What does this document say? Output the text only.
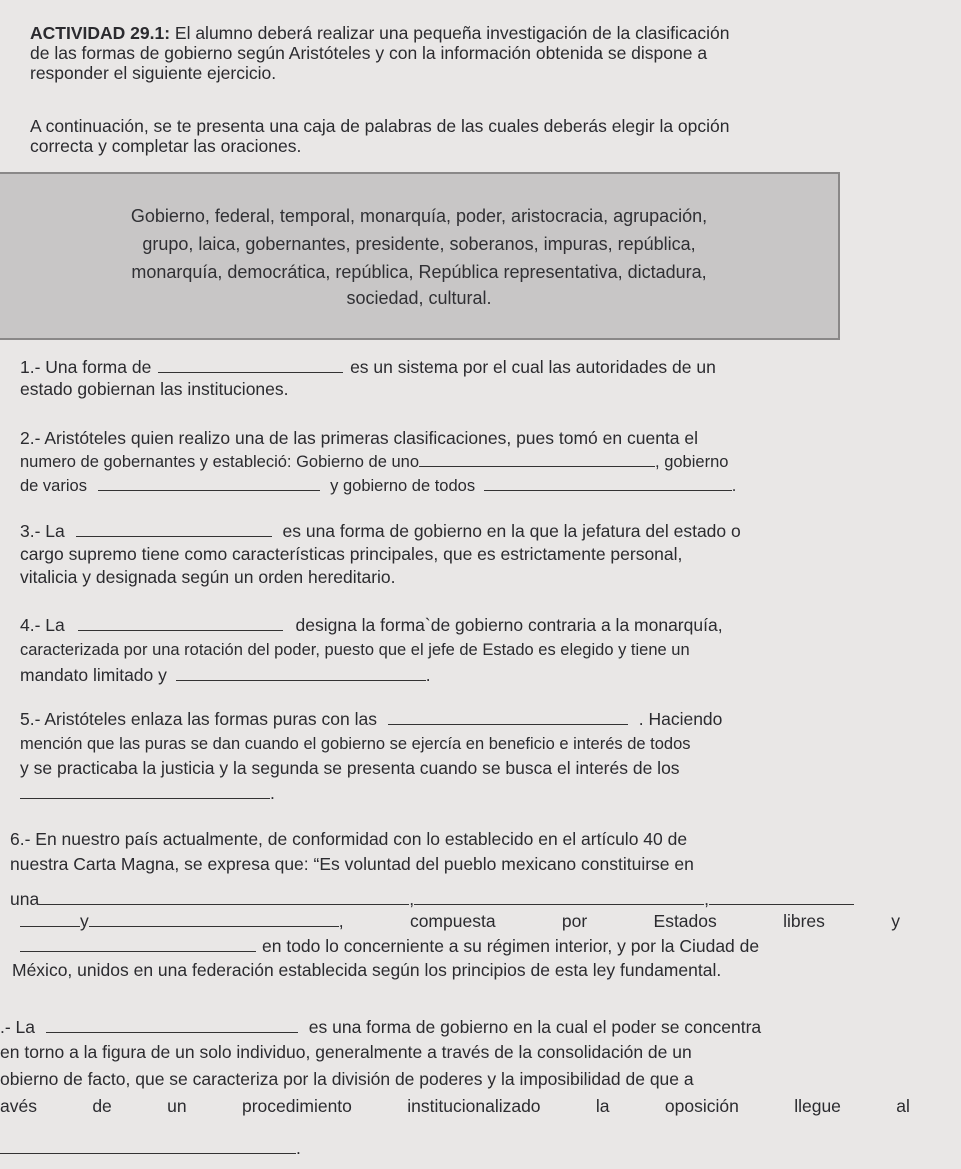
ACTIVIDAD 29.1: El alumno deberá realizar una pequeña investigación de la clasificación
de las formas de gobierno según Aristóteles y con la información obtenida se dispone a
responder el siguiente ejercicio.
A continuación, se te presenta una caja de palabras de las cuales deberás elegir la opción
correcta y completar las oraciones.
Gobierno, federal, temporal, monarquía, poder, aristocracia, agrupación,
grupo, laica, gobernantes, presidente, soberanos, impuras, república,
monarquía, democrática, república, República representativa, dictadura,
sociedad, cultural.
1.- Una forma de	es un sistema por el cual las autoridades de un
estado gobiernan las instituciones.
2.- Aristóteles quien realizo una de las primeras clasificaciones, pues tomó en cuenta el
numero de gobernantes y estableció: Gobierno de uno	, gobierno
de varios	y gobierno de todos	.
3.- La	es una forma de gobierno en la que la jefatura del estado o
cargo supremo tiene como características principales, que es estrictamente personal,
vitalicia y designada según un orden hereditario.
4.- La	designa la forma`de gobierno contraria a la monarquía,
caracterizada por una rotación del poder, puesto que el jefe de Estado es elegido y tiene un
mandato limitado y	.
5.- Aristóteles enlaza las formas puras con las	. Haciendo
mención que las puras se dan cuando el gobierno se ejercía en beneficio e interés de todos
y se practicaba la justicia y la segunda se presenta cuando se busca el interés de los
.
6.- En nuestro país actualmente, de conformidad con lo establecido en el artículo 40 de
nuestra Carta Magna, se expresa que: “Es voluntad del pueblo mexicano constituirse en
una	,	,
y	,	compuesta	por	Estados	libres	y
en todo lo concerniente a su régimen interior, y por la Ciudad de
México, unidos en una federación establecida según los principios de esta ley fundamental.
.- La	es una forma de gobierno en la cual el poder se concentra
en torno a la figura de un solo individuo, generalmente a través de la consolidación de un
obierno de facto, que se caracteriza por la división de poderes y la imposibilidad de que a
avés	de	un	procedimiento	institucionalizado	la	oposición	llegue	al
.
